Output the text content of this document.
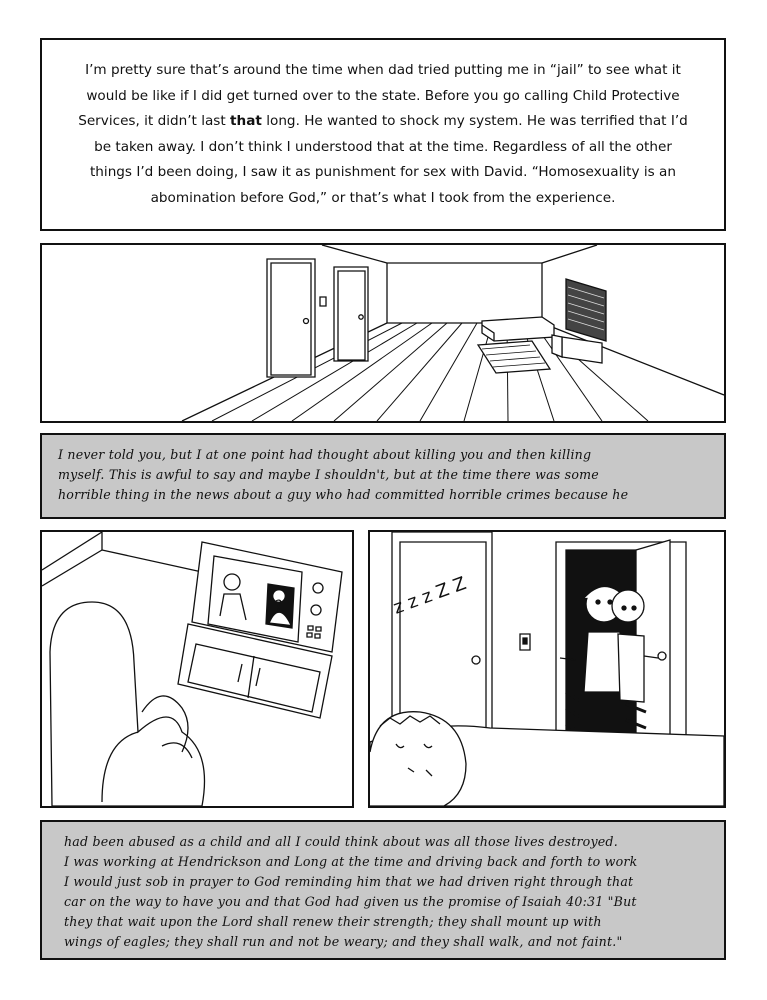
I’m pretty sure that’s around the time when dad tried putting me in “jail” to see what it
would be like if I did get turned over to the state. Before you go calling Child Protective
Services, it didn’t last that long. He wanted to shock my system. He was terrified that I’d
be taken away. I don’t think I understood that at the time. Regardless of all the other
things I’d been doing, I saw it as punishment for sex with David. “Homosexuality is an
abomination before God,” or that’s what I took from the experience.

I never told you, but I at one point had thought about killing you and then killing
myself. This is awful to say and maybe I shouldn't, but at the time there was some
horrible thing in the news about a guy who had committed horrible crimes because he

?	z z z Z Z

had been abused as a child and all I could think about was all those lives destroyed.
I was working at Hendrickson and Long at the time and driving back and forth to work
I would just sob in prayer to God reminding him that we had driven right through that
car on the way to have you and that God had given us the promise of Isaiah 40:31 "But
they that wait upon the Lord shall renew their strength; they shall mount up with
wings of eagles; they shall run and not be weary; and they shall walk, and not faint."
